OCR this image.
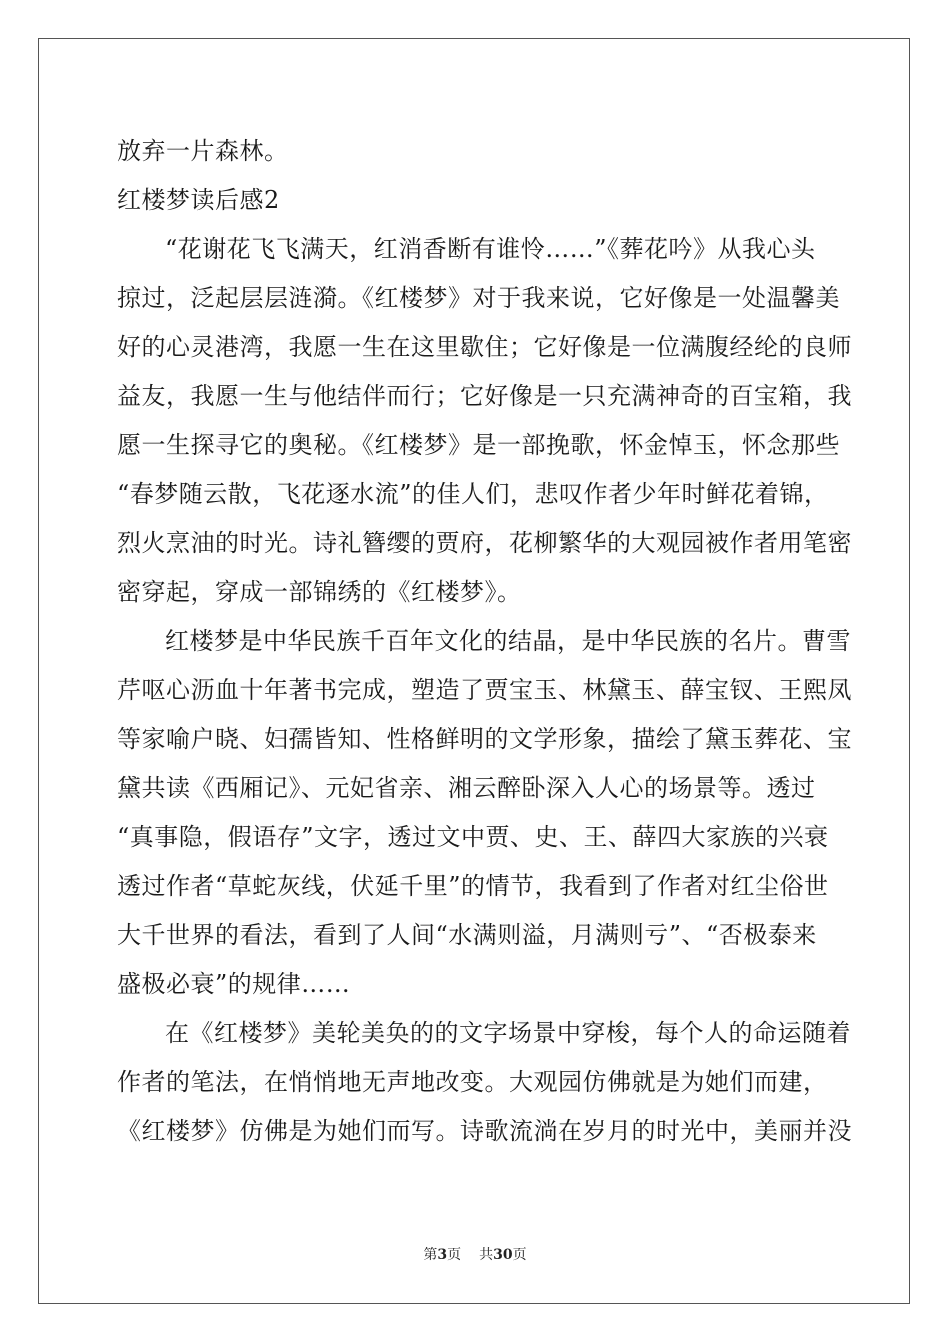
放弃一片森林。

红楼梦读后感2

“花谢花飞飞满天，红消香断有谁怜……”《葬花吟》从我心头

掠过，泛起层层涟漪。《红楼梦》对于我来说，它好像是一处温馨美

好的心灵港湾，我愿一生在这里歇住；它好像是一位满腹经纶的良师

益友，我愿一生与他结伴而行；它好像是一只充满神奇的百宝箱，我

愿一生探寻它的奥秘。《红楼梦》是一部挽歌，怀金悼玉，怀念那些

“春梦随云散，飞花逐水流”的佳人们，悲叹作者少年时鲜花着锦，

烈火烹油的时光。诗礼簪缨的贾府，花柳繁华的大观园被作者用笔密

密穿起，穿成一部锦绣的《红楼梦》。

红楼梦是中华民族千百年文化的结晶，是中华民族的名片。曹雪

芹呕心沥血十年著书完成，塑造了贾宝玉、林黛玉、薛宝钗、王熙凤

等家喻户晓、妇孺皆知、性格鲜明的文学形象，描绘了黛玉葬花、宝

黛共读《西厢记》、元妃省亲、湘云醉卧深入人心的场景等。透过

“真事隐，假语存”文字，透过文中贾、史、王、薛四大家族的兴衰

透过作者“草蛇灰线，伏延千里”的情节，我看到了作者对红尘俗世

大千世界的看法，看到了人间“水满则溢，月满则亏”、“否极泰来

盛极必衰”的规律……

在《红楼梦》美轮美奂的的文字场景中穿梭，每个人的命运随着

作者的笔法，在悄悄地无声地改变。大观园仿佛就是为她们而建，

《红楼梦》仿佛是为她们而写。诗歌流淌在岁月的时光中，美丽并没

第3页 共30页
